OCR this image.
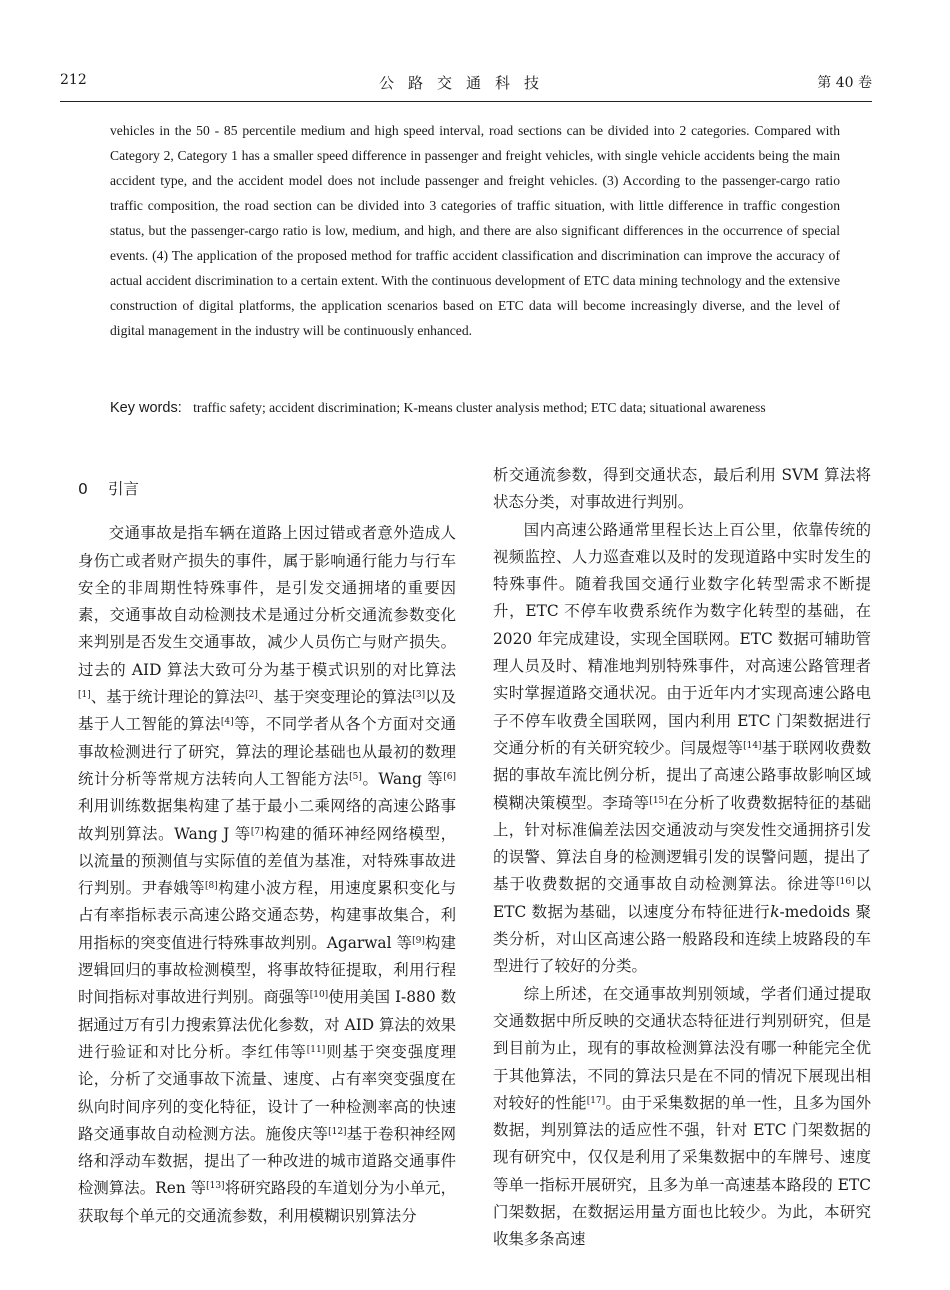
212	公路交通科技	第 40 卷

vehicles in the 50 - 85 percentile medium and high speed interval, road sections can be divided into 2 categories. Compared with Category 2, Category 1 has a smaller speed difference in passenger and freight vehicles, with single vehicle accidents being the main accident type, and the accident model does not include passenger and freight vehicles. (3) According to the passenger-cargo ratio traffic composition, the road section can be divided into 3 categories of traffic situation, with little difference in traffic congestion status, but the passenger-cargo ratio is low, medium, and high, and there are also significant differences in the occurrence of special events. (4) The application of the proposed method for traffic accident classification and discrimination can improve the accuracy of actual accident discrimination to a certain extent. With the continuous development of ETC data mining technology and the extensive construction of digital platforms, the application scenarios based on ETC data will become increasingly diverse, and the level of digital management in the industry will be continuously enhanced.

Key words: traffic safety; accident discrimination; K-means cluster analysis method; ETC data; situational awareness
0 引言

交通事故是指车辆在道路上因过错或者意外造成人身伤亡或者财产损失的事件，属于影响通行能力与行车安全的非周期性特殊事件，是引发交通拥堵的重要因素，交通事故自动检测技术是通过分析交通流参数变化来判别是否发生交通事故，减少人员伤亡与财产损失。过去的 AID 算法大致可分为基于模式识别的对比算法[1]、基于统计理论的算法[2]、基于突变理论的算法[3]以及基于人工智能的算法[4]等，不同学者从各个方面对交通事故检测进行了研究，算法的理论基础也从最初的数理统计分析等常规方法转向人工智能方法[5]。Wang 等[6]利用训练数据集构建了基于最小二乘网络的高速公路事故判别算法。Wang J 等[7]构建的循环神经网络模型，以流量的预测值与实际值的差值为基准，对特殊事故进行判别。尹春娥等[8]构建小波方程，用速度累积变化与占有率指标表示高速公路交通态势，构建事故集合，利用指标的突变值进行特殊事故判别。Agarwal 等[9]构建逻辑回归的事故检测模型，将事故特征提取，利用行程时间指标对事故进行判别。商强等[10]使用美国 I-880 数据通过万有引力搜索算法优化参数，对 AID 算法的效果进行验证和对比分析。李红伟等[11]则基于突变强度理论，分析了交通事故下流量、速度、占有率突变强度在纵向时间序列的变化特征，设计了一种检测率高的快速路交通事故自动检测方法。施俊庆等[12]基于卷积神经网络和浮动车数据，提出了一种改进的城市道路交通事件检测算法。Ren 等[13]将研究路段的车道划分为小单元，获取每个单元的交通流参数，利用模糊识别算法分

析交通流参数，得到交通状态，最后利用 SVM 算法将状态分类，对事故进行判别。

国内高速公路通常里程长达上百公里，依靠传统的视频监控、人力巡查难以及时的发现道路中实时发生的特殊事件。随着我国交通行业数字化转型需求不断提升，ETC 不停车收费系统作为数字化转型的基础，在 2020 年完成建设，实现全国联网。ETC 数据可辅助管理人员及时、精准地判别特殊事件，对高速公路管理者实时掌握道路交通状况。由于近年内才实现高速公路电子不停车收费全国联网，国内利用 ETC 门架数据进行交通分析的有关研究较少。闫晟煜等[14]基于联网收费数据的事故车流比例分析，提出了高速公路事故影响区域模糊决策模型。李琦等[15]在分析了收费数据特征的基础上，针对标准偏差法因交通波动与突发性交通拥挤引发的误警、算法自身的检测逻辑引发的误警问题，提出了基于收费数据的交通事故自动检测算法。徐进等[16]以 ETC 数据为基础，以速度分布特征进行k-medoids 聚类分析，对山区高速公路一般路段和连续上坡路段的车型进行了较好的分类。

综上所述，在交通事故判别领域，学者们通过提取交通数据中所反映的交通状态特征进行判别研究，但是到目前为止，现有的事故检测算法没有哪一种能完全优于其他算法，不同的算法只是在不同的情况下展现出相对较好的性能[17]。由于采集数据的单一性，且多为国外数据，判别算法的适应性不强，针对 ETC 门架数据的现有研究中，仅仅是利用了采集数据中的车牌号、速度等单一指标开展研究，且多为单一高速基本路段的 ETC 门架数据，在数据运用量方面也比较少。为此，本研究收集多条高速
